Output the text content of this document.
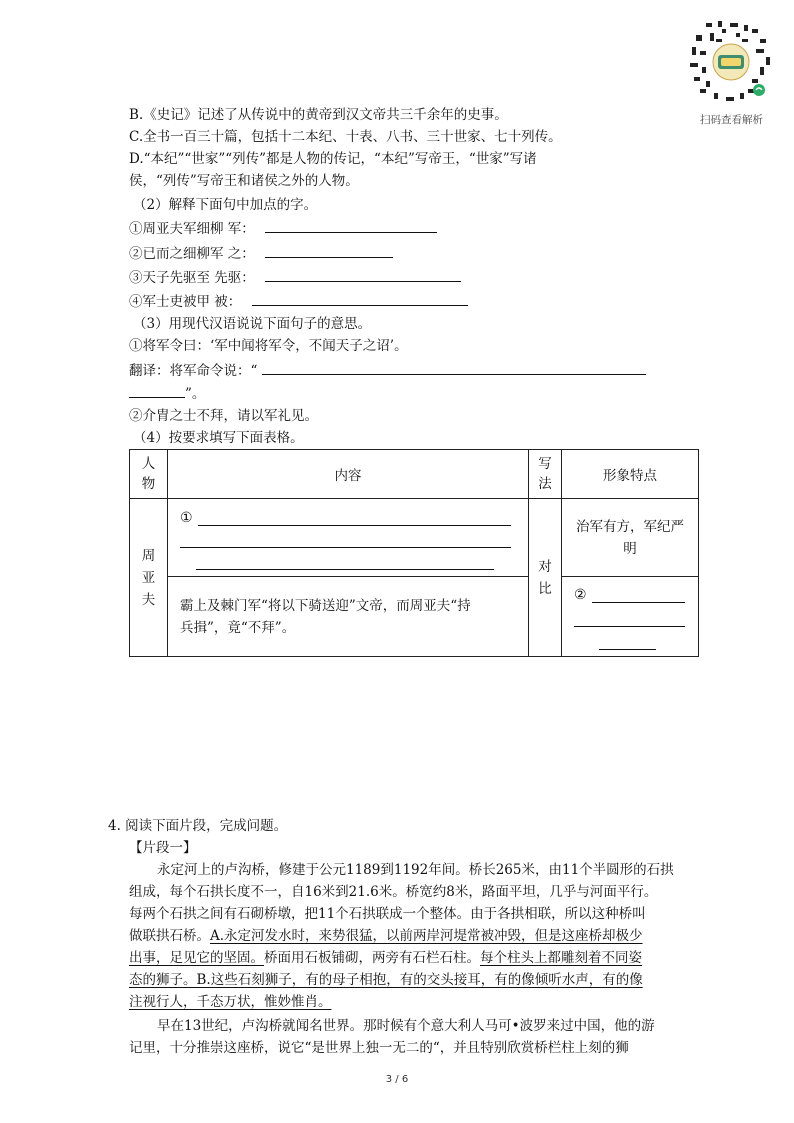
扫码查看解析
B.《史记》记述了从传说中的黄帝到汉文帝共三千余年的史事。
C.全书一百三十篇，包括十二本纪、十表、八书、三十世家、七十列传。
D.“本纪”“世家”“列传”都是人物的传记，“本纪”写帝王，“世家”写诸
侯，“列传”写帝王和诸侯之外的人物。
（2）解释下面句中加点的字。
①周亚夫军细柳 军：
②已而之细柳军 之：
③天子先驱至 先驱：
④军士吏被甲 被：
（3）用现代汉语说说下面句子的意思。
①将军令曰：‘军中闻将军令，不闻天子之诏’。
翻译：将军命令说：“
”。
②介胄之士不拜，请以军礼见。
（4）按要求填写下面表格。
人物	内容	写法	形象特点

周亚夫	①	对比	治军有方，军纪严
明

	霸上及棘门军“将以下骑送迎”文帝，而周亚夫“持
兵揖”，竟“不拜”。		②
4. 阅读下面片段，完成问题。
【片段一】
永定河上的卢沟桥，修建于公元1189到1192年间。桥长265米，由11个半圆形的石拱
组成，每个石拱长度不一，自16米到21.6米。桥宽约8米，路面平坦，几乎与河面平行。
每两个石拱之间有石砌桥墩，把11个石拱联成一个整体。由于各拱相联，所以这种桥叫
做联拱石桥。A.永定河发水时，来势很猛，以前两岸河堤常被冲毁，但是这座桥却极少
出事，足见它的坚固。桥面用石板铺砌，两旁有石栏石柱。每个柱头上都雕刻着不同姿
态的狮子。B.这些石刻狮子，有的母子相抱，有的交头接耳，有的像倾听水声，有的像
注视行人，千态万状，惟妙惟肖。
早在13世纪，卢沟桥就闻名世界。那时候有个意大利人马可•波罗来过中国，他的游
记里，十分推崇这座桥，说它“是世界上独一无二的“，并且特别欣赏桥栏柱上刻的狮
3 / 6
